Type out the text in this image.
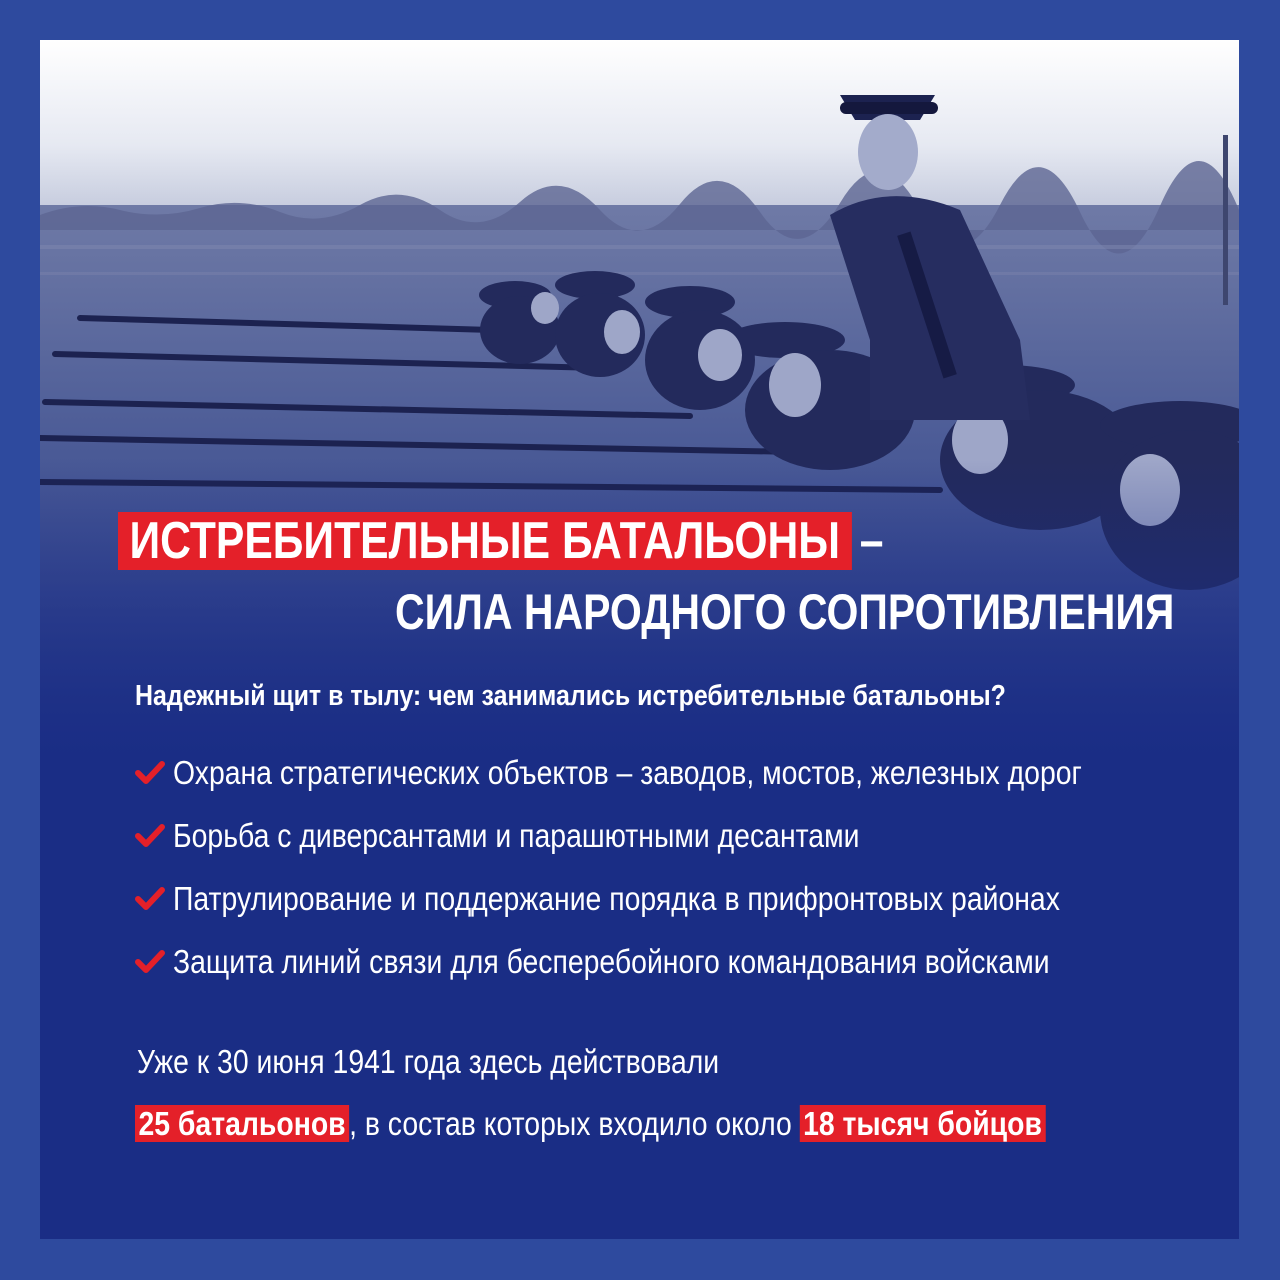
ИСТРЕБИТЕЛЬНЫЕ БАТАЛЬОНЫ –
СИЛА НАРОДНОГО СОПРОТИВЛЕНИЯ
Надежный щит в тылу: чем занимались истребительные батальоны?
Охрана стратегических объектов – заводов, мостов, железных дорог
Борьба с диверсантами и парашютными десантами
Патрулирование и поддержание порядка в прифронтовых районах
Защита линий связи для бесперебойного командования войсками
Уже к 30 июня 1941 года здесь действовали
25 батальонов , в состав которых входило около 18 тысяч бойцов
